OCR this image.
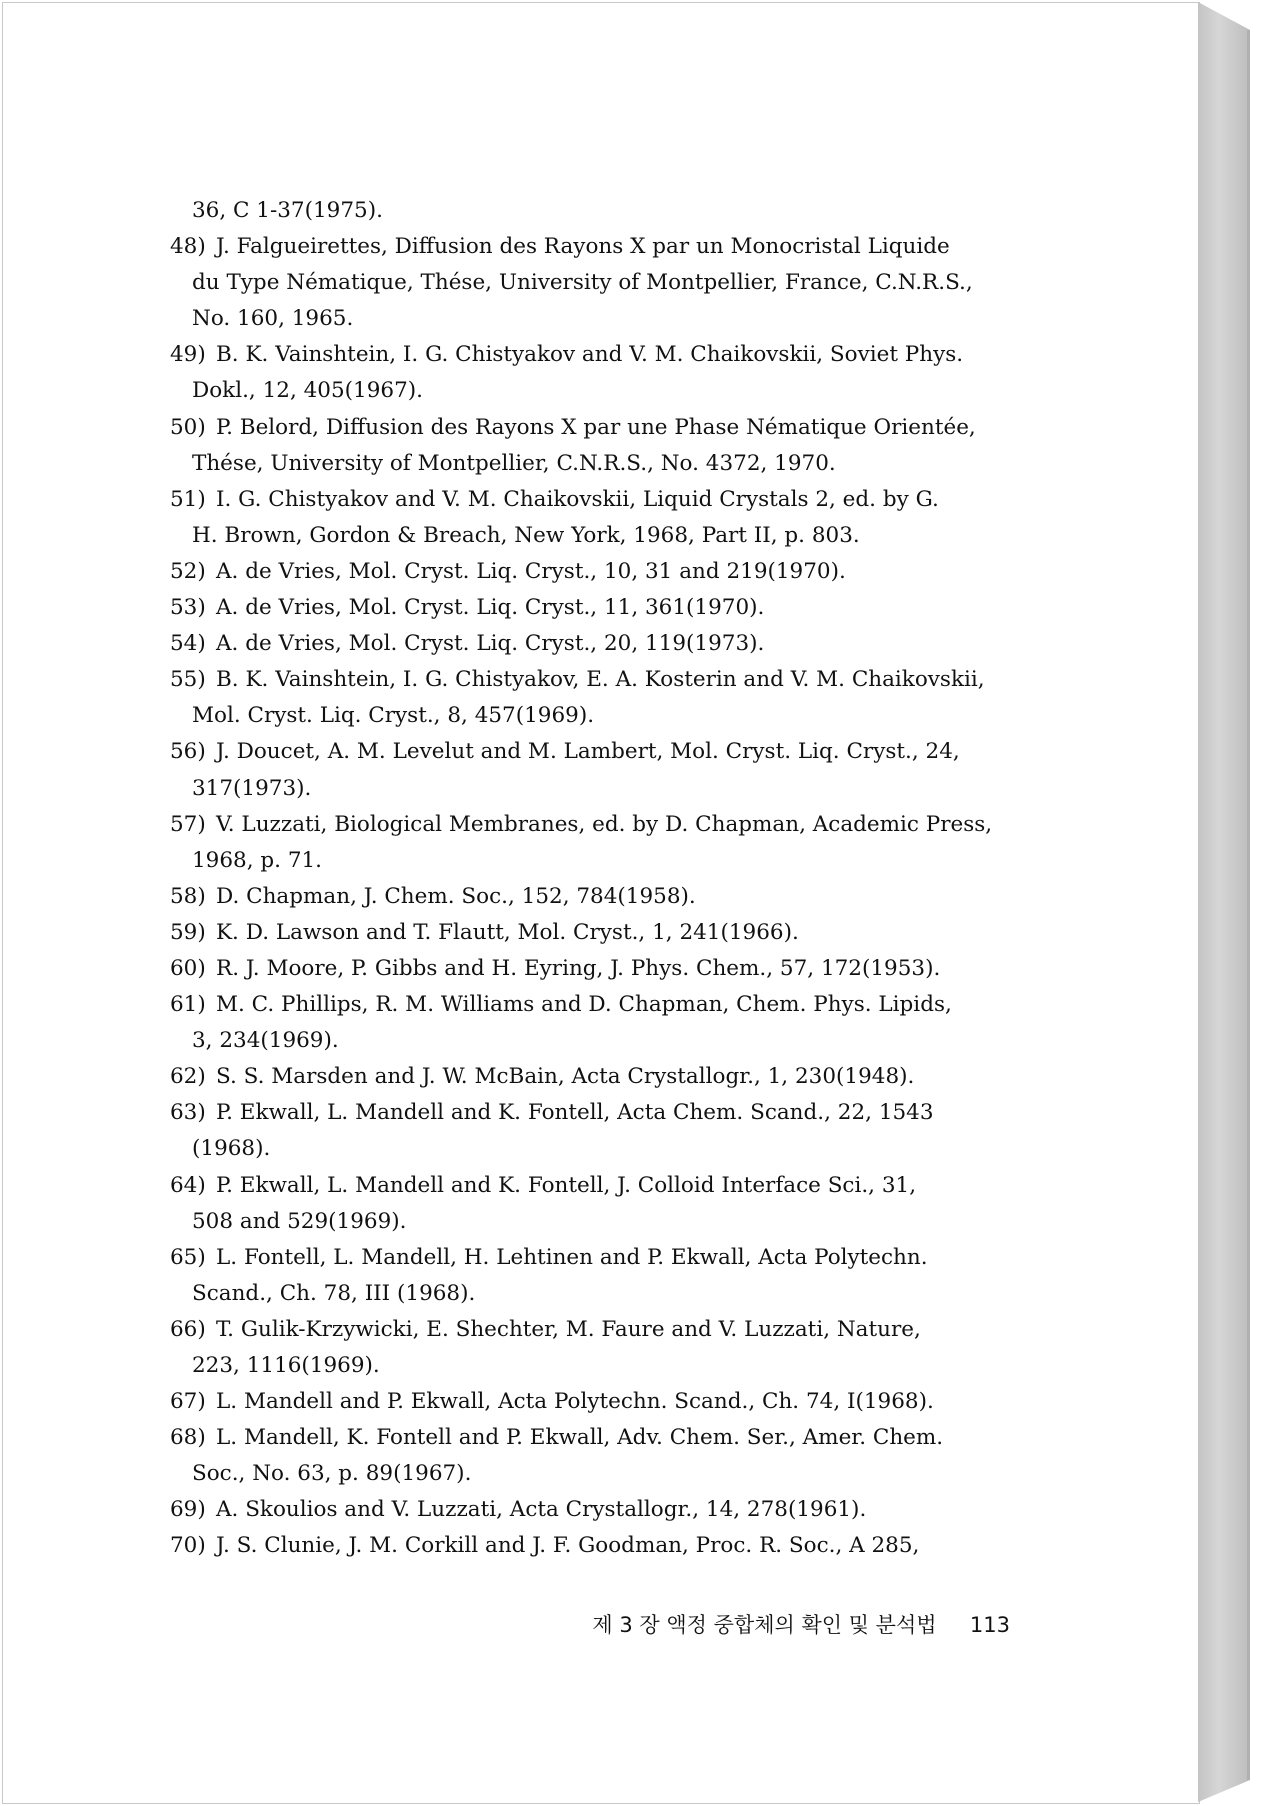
36, C 1-37(1975).
48) J. Falgueirettes, Diffusion des Rayons X par un Monocristal Liquide
du Type Nématique, Thése, University of Montpellier, France, C.N.R.S.,
No. 160, 1965.
49) B. K. Vainshtein, I. G. Chistyakov and V. M. Chaikovskii, Soviet Phys.
Dokl., 12, 405(1967).
50) P. Belord, Diffusion des Rayons X par une Phase Nématique Orientée,
Thése, University of Montpellier, C.N.R.S., No. 4372, 1970.
51) I. G. Chistyakov and V. M. Chaikovskii, Liquid Crystals 2, ed. by G.
H. Brown, Gordon & Breach, New York, 1968, Part II, p. 803.
52) A. de Vries, Mol. Cryst. Liq. Cryst., 10, 31 and 219(1970).
53) A. de Vries, Mol. Cryst. Liq. Cryst., 11, 361(1970).
54) A. de Vries, Mol. Cryst. Liq. Cryst., 20, 119(1973).
55) B. K. Vainshtein, I. G. Chistyakov, E. A. Kosterin and V. M. Chaikovskii,
Mol. Cryst. Liq. Cryst., 8, 457(1969).
56) J. Doucet, A. M. Levelut and M. Lambert, Mol. Cryst. Liq. Cryst., 24,
317(1973).
57) V. Luzzati, Biological Membranes, ed. by D. Chapman, Academic Press,
1968, p. 71.
58) D. Chapman, J. Chem. Soc., 152, 784(1958).
59) K. D. Lawson and T. Flautt, Mol. Cryst., 1, 241(1966).
60) R. J. Moore, P. Gibbs and H. Eyring, J. Phys. Chem., 57, 172(1953).
61) M. C. Phillips, R. M. Williams and D. Chapman, Chem. Phys. Lipids,
3, 234(1969).
62) S. S. Marsden and J. W. McBain, Acta Crystallogr., 1, 230(1948).
63) P. Ekwall, L. Mandell and K. Fontell, Acta Chem. Scand., 22, 1543
(1968).
64) P. Ekwall, L. Mandell and K. Fontell, J. Colloid Interface Sci., 31,
508 and 529(1969).
65) L. Fontell, L. Mandell, H. Lehtinen and P. Ekwall, Acta Polytechn.
Scand., Ch. 78, III (1968).
66) T. Gulik-Krzywicki, E. Shechter, M. Faure and V. Luzzati, Nature,
223, 1116(1969).
67) L. Mandell and P. Ekwall, Acta Polytechn. Scand., Ch. 74, I(1968).
68) L. Mandell, K. Fontell and P. Ekwall, Adv. Chem. Ser., Amer. Chem.
Soc., No. 63, p. 89(1967).
69) A. Skoulios and V. Luzzati, Acta Crystallogr., 14, 278(1961).
70) J. S. Clunie, J. M. Corkill and J. F. Goodman, Proc. R. Soc., A 285,
제 3 장 액정 중합체의 확인 및 분석법 113
